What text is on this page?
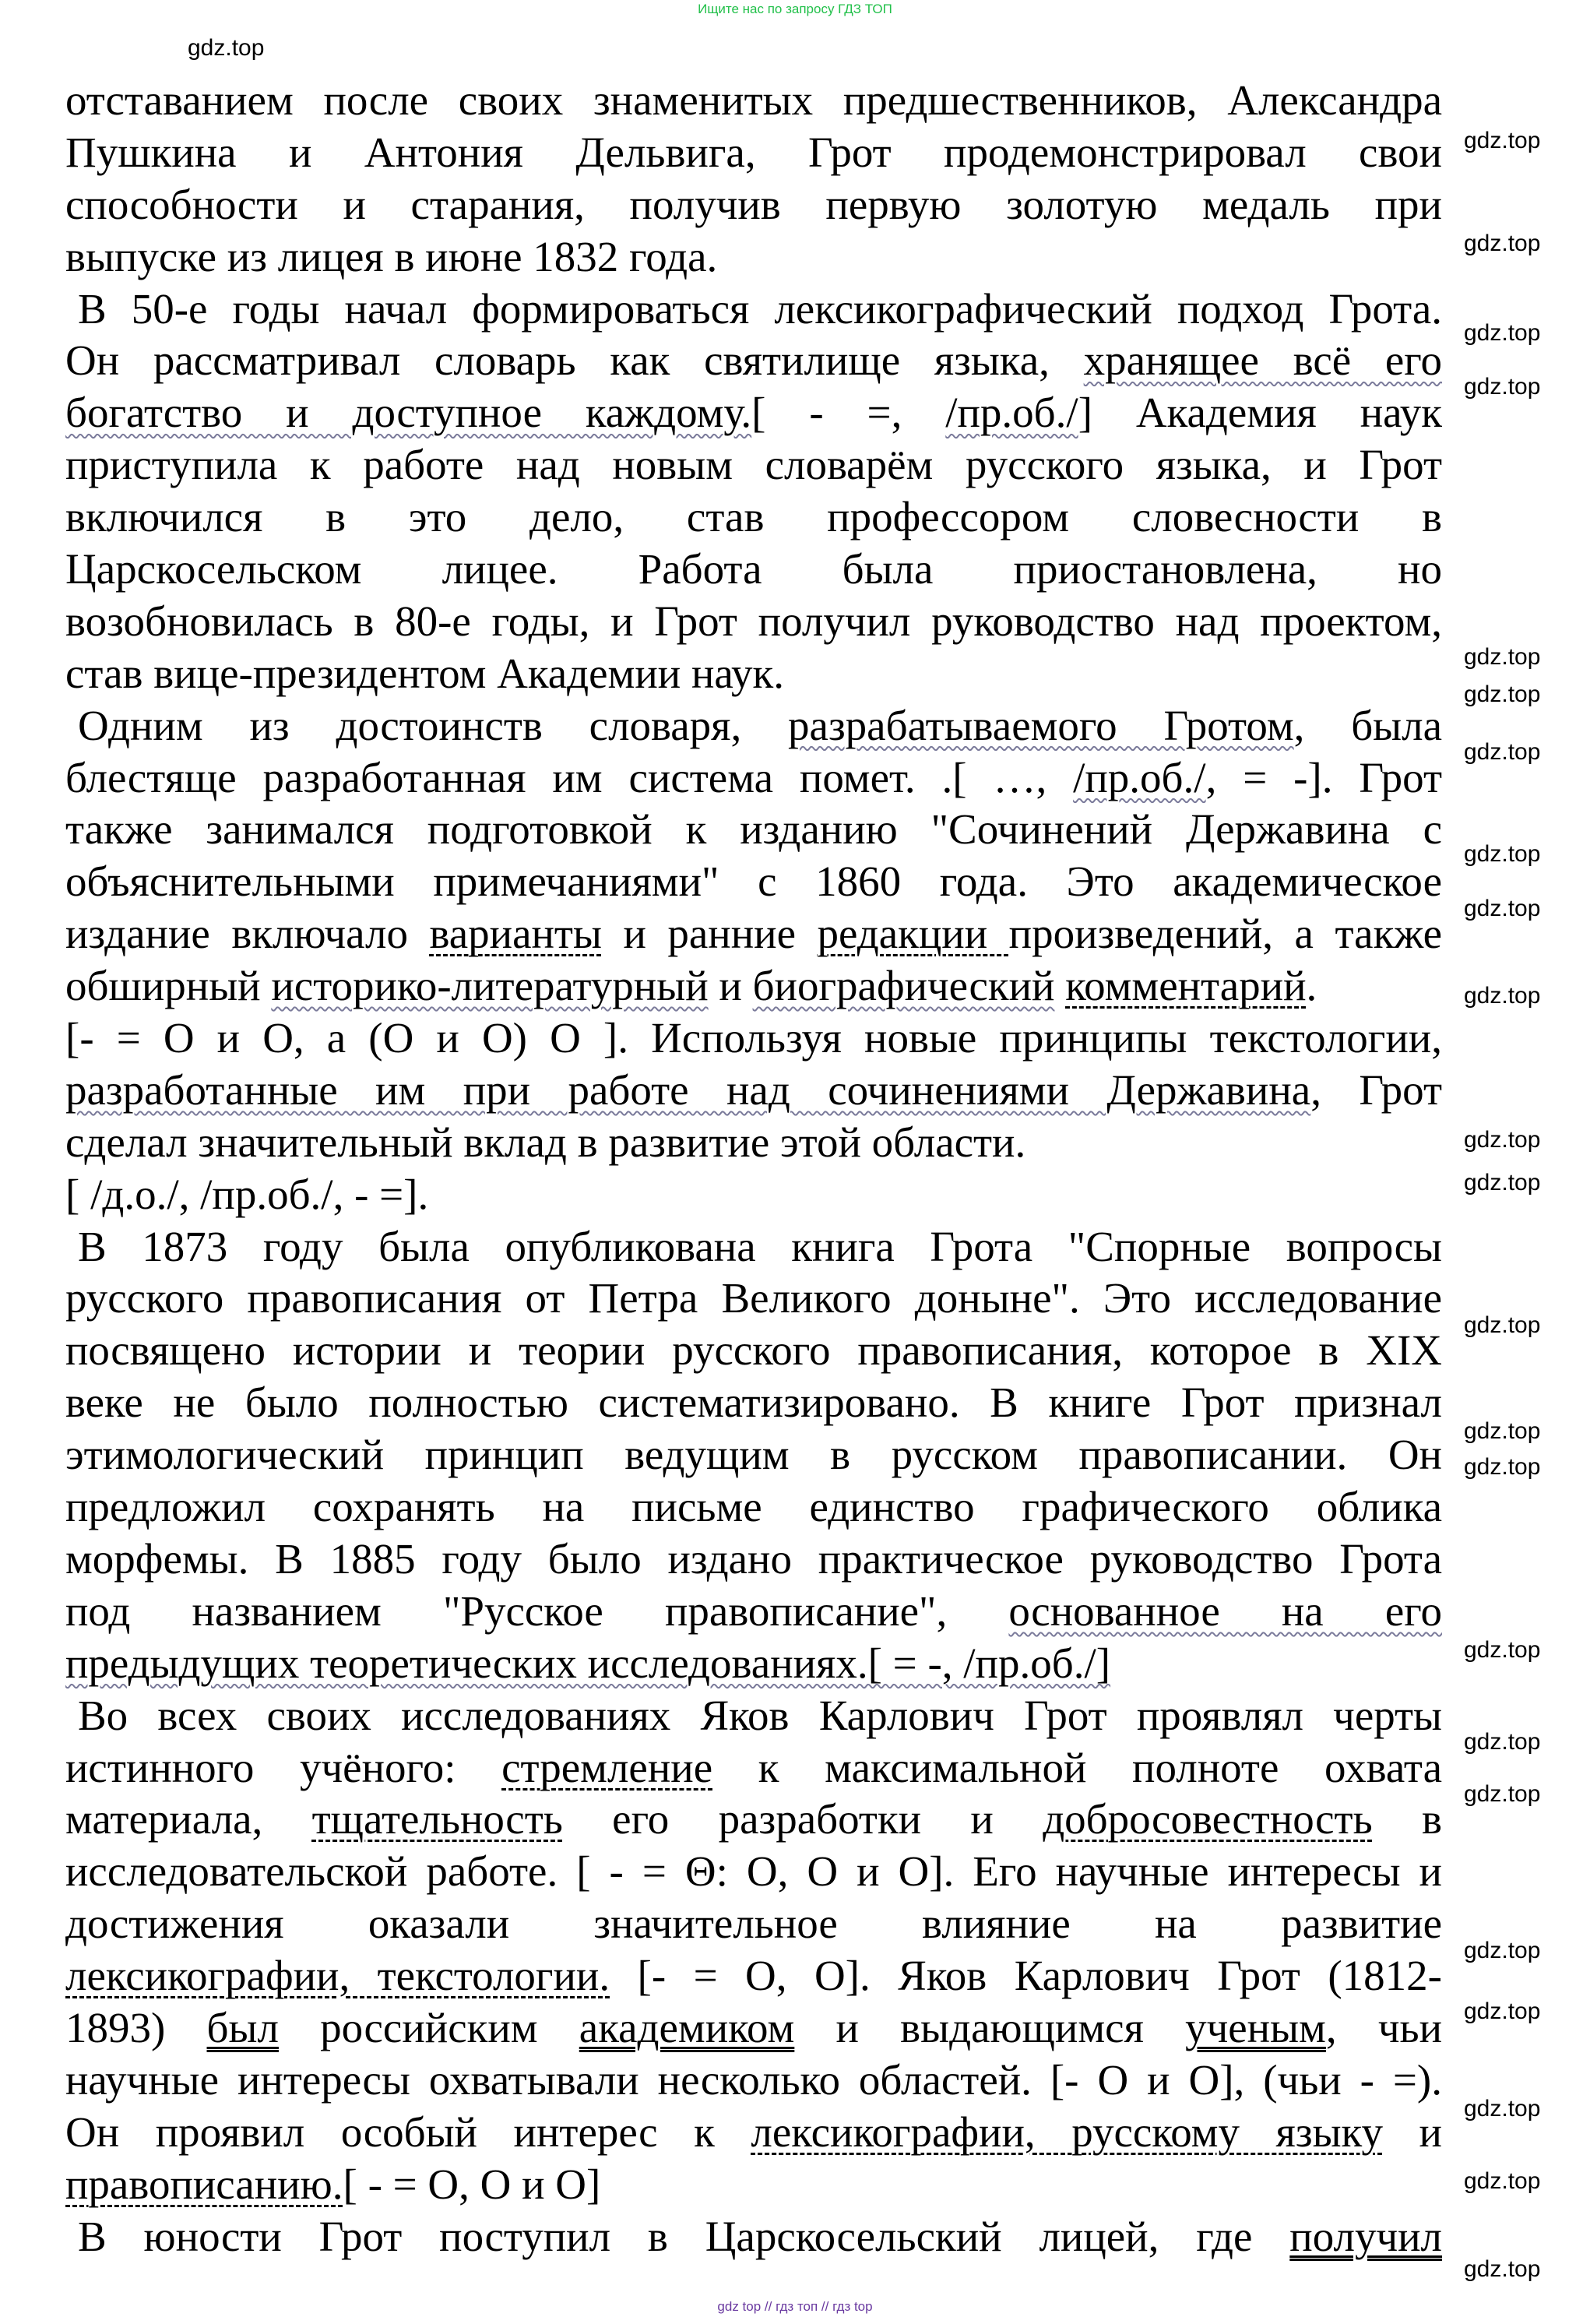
Ищите нас по запросу ГДЗ ТОП
отставанием после своих знаменитых предшественников, Александра
Пушкина и Антония Дельвига, Грот продемонстрировал свои
способности и старания, получив первую золотую медаль при
выпуске из лицея в июне 1832 года.
В 50-е годы начал формироваться лексикографический подход Грота.
Он рассматривал словарь как святилище языка, хранящее всё его
богатство и доступное каждому.[ - =, /пр.об./] Академия наук
приступила к работе над новым словарём русского языка, и Грот
включился в это дело, став профессором словесности в
Царскосельском лицее. Работа была приостановлена, но
возобновилась в 80-е годы, и Грот получил руководство над проектом,
став вице-президентом Академии наук.
Одним из достоинств словаря, разрабатываемого Гротом, была
блестяще разработанная им система помет. .[ …, /пр.об./, = -]. Грот
также занимался подготовкой к изданию "Сочинений Державина с
объяснительными примечаниями" с 1860 года. Это академическое
издание включало варианты и ранние редакции произведений, а также
обширный историко-литературный и биографический комментарий.
[- = О и О, а (О и О) О ]. Используя новые принципы текстологии,
разработанные им при работе над сочинениями Державина, Грот
сделал значительный вклад в развитие этой области.
[ /д.о./, /пр.об./, - =].
В 1873 году была опубликована книга Грота "Спорные вопросы
русского правописания от Петра Великого доныне". Это исследование
посвящено истории и теории русского правописания, которое в XIX
веке не было полностью систематизировано. В книге Грот признал
этимологический принцип ведущим в русском правописании. Он
предложил сохранять на письме единство графического облика
морфемы. В 1885 году было издано практическое руководство Грота
под названием "Русское правописание", основанное на его
предыдущих теоретических исследованиях.[ = -, /пр.об./]
Во всех своих исследованиях Яков Карлович Грот проявлял черты
истинного учёного: стремление к максимальной полноте охвата
материала, тщательность его разработки и добросовестность в
исследовательской работе. [ - = Θ: О, О и О]. Его научные интересы и
достижения оказали значительное влияние на развитие
лексикографии, текстологии. [- = О, О]. Яков Карлович Грот (1812-
1893) был российским академиком и выдающимся ученым, чьи
научные интересы охватывали несколько областей. [- О и О], (чьи - =).
Он проявил особый интерес к лексикографии, русскому языку и
правописанию.[ - = О, О и О]
В юности Грот поступил в Царскосельский лицей, где получил
gdz.top
gdz.top
gdz.top
gdz.top
gdz.top
gdz.top
gdz.top
gdz.top
gdz.top
gdz.top
gdz.top
gdz.top
gdz.top
gdz.top
gdz.top
gdz.top
gdz.top
gdz.top
gdz.top
gdz.top
gdz.top
gdz.top
gdz.top
gdz.top
gdz top // гдз топ // гдз top
